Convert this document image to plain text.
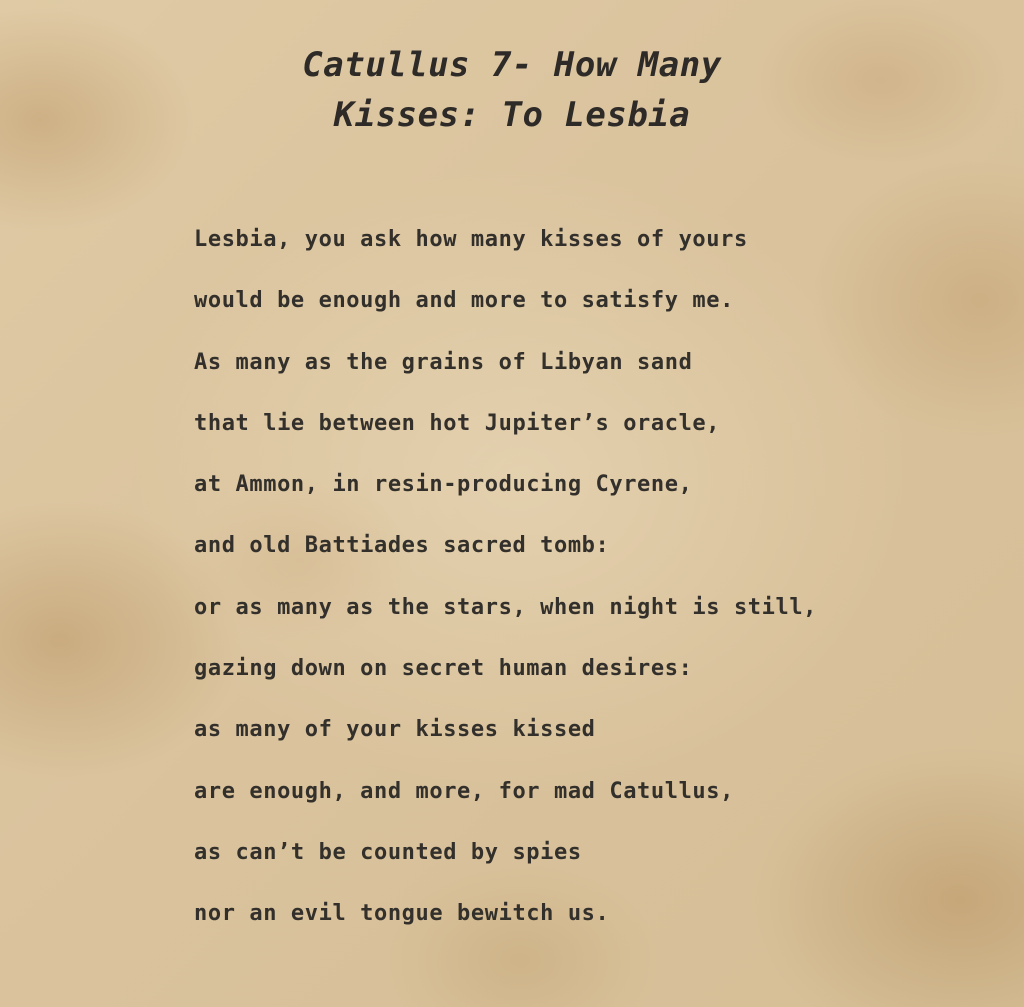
Catullus 7- How Many
Kisses: To Lesbia
Lesbia, you ask how many kisses of yours
would be enough and more to satisfy me.
As many as the grains of Libyan sand
that lie between hot Jupiter’s oracle,
at Ammon, in resin-producing Cyrene,
and old Battiades sacred tomb:
or as many as the stars, when night is still,
gazing down on secret human desires:
as many of your kisses kissed
are enough, and more, for mad Catullus,
as can’t be counted by spies
nor an evil tongue bewitch us.
